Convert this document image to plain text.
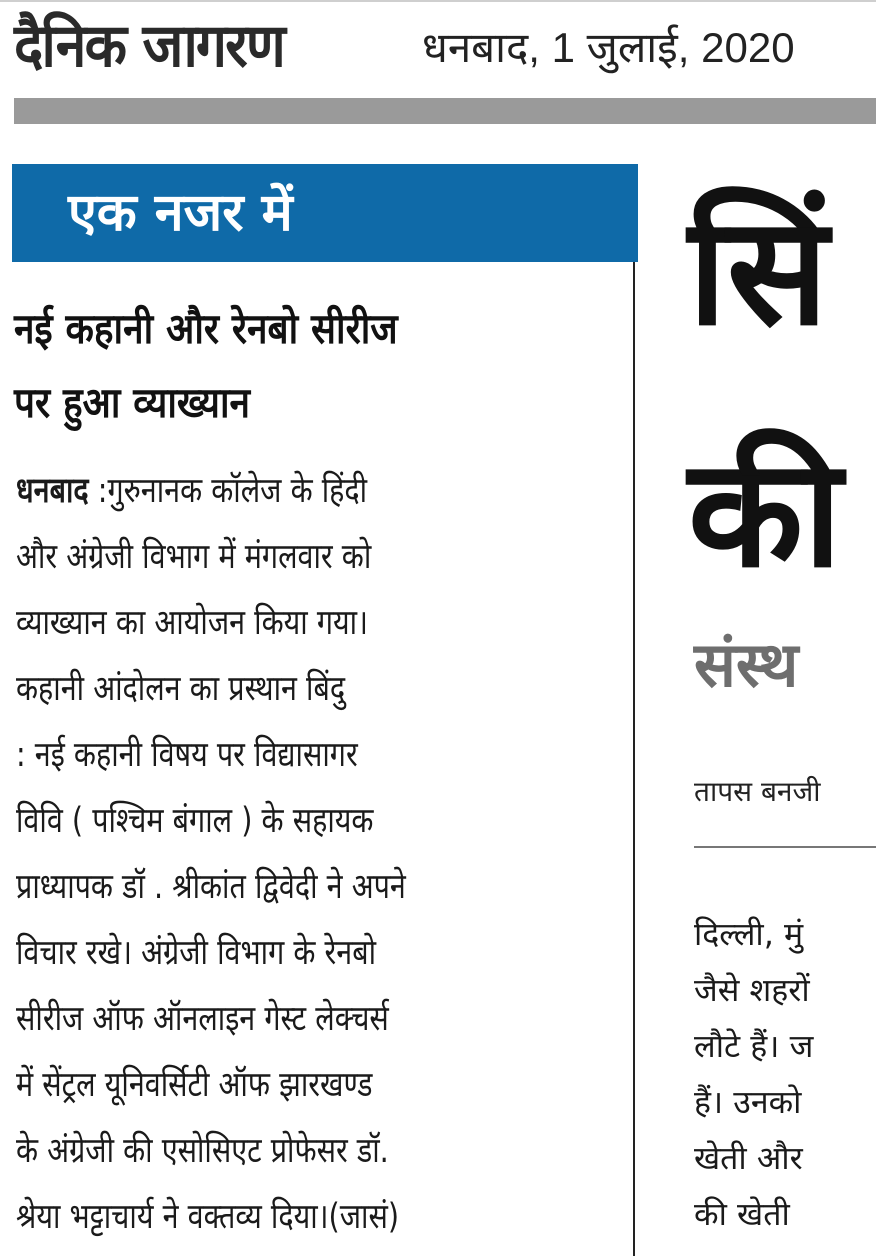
दैनिक जागरण	धनबाद, 1 जुलाई, 2020
एक नजर में
नई कहानी और रेनबो सीरीज
पर हुआ व्याख्यान
धनबाद :गुरुनानक कॉलेज के हिंदी
और अंग्रेजी विभाग में मंगलवार को
व्याख्यान का आयोजन किया गया।
कहानी आंदोलन का प्रस्थान बिंदु
: नई कहानी विषय पर विद्यासागर
विवि ( पश्चिम बंगाल ) के सहायक
प्राध्यापक डॉ . श्रीकांत द्विवेदी ने अपने
विचार रखे। अंग्रेजी विभाग के रेनबो
सीरीज ऑफ ऑनलाइन गेस्ट लेक्चर्स
में सेंट्रल यूनिवर्सिटी ऑफ झारखण्ड
के अंग्रेजी की एसोसिएट प्रोफेसर डॉ.
श्रेया भट्टाचार्य ने वक्तव्य दिया।(जासं)
सिं
की
संस्थ
तापस बनजी
दिल्ली, मुं
जैसे शहरों
लौटे हैं। ज
हैं। उनको
खेती और
की खेती
